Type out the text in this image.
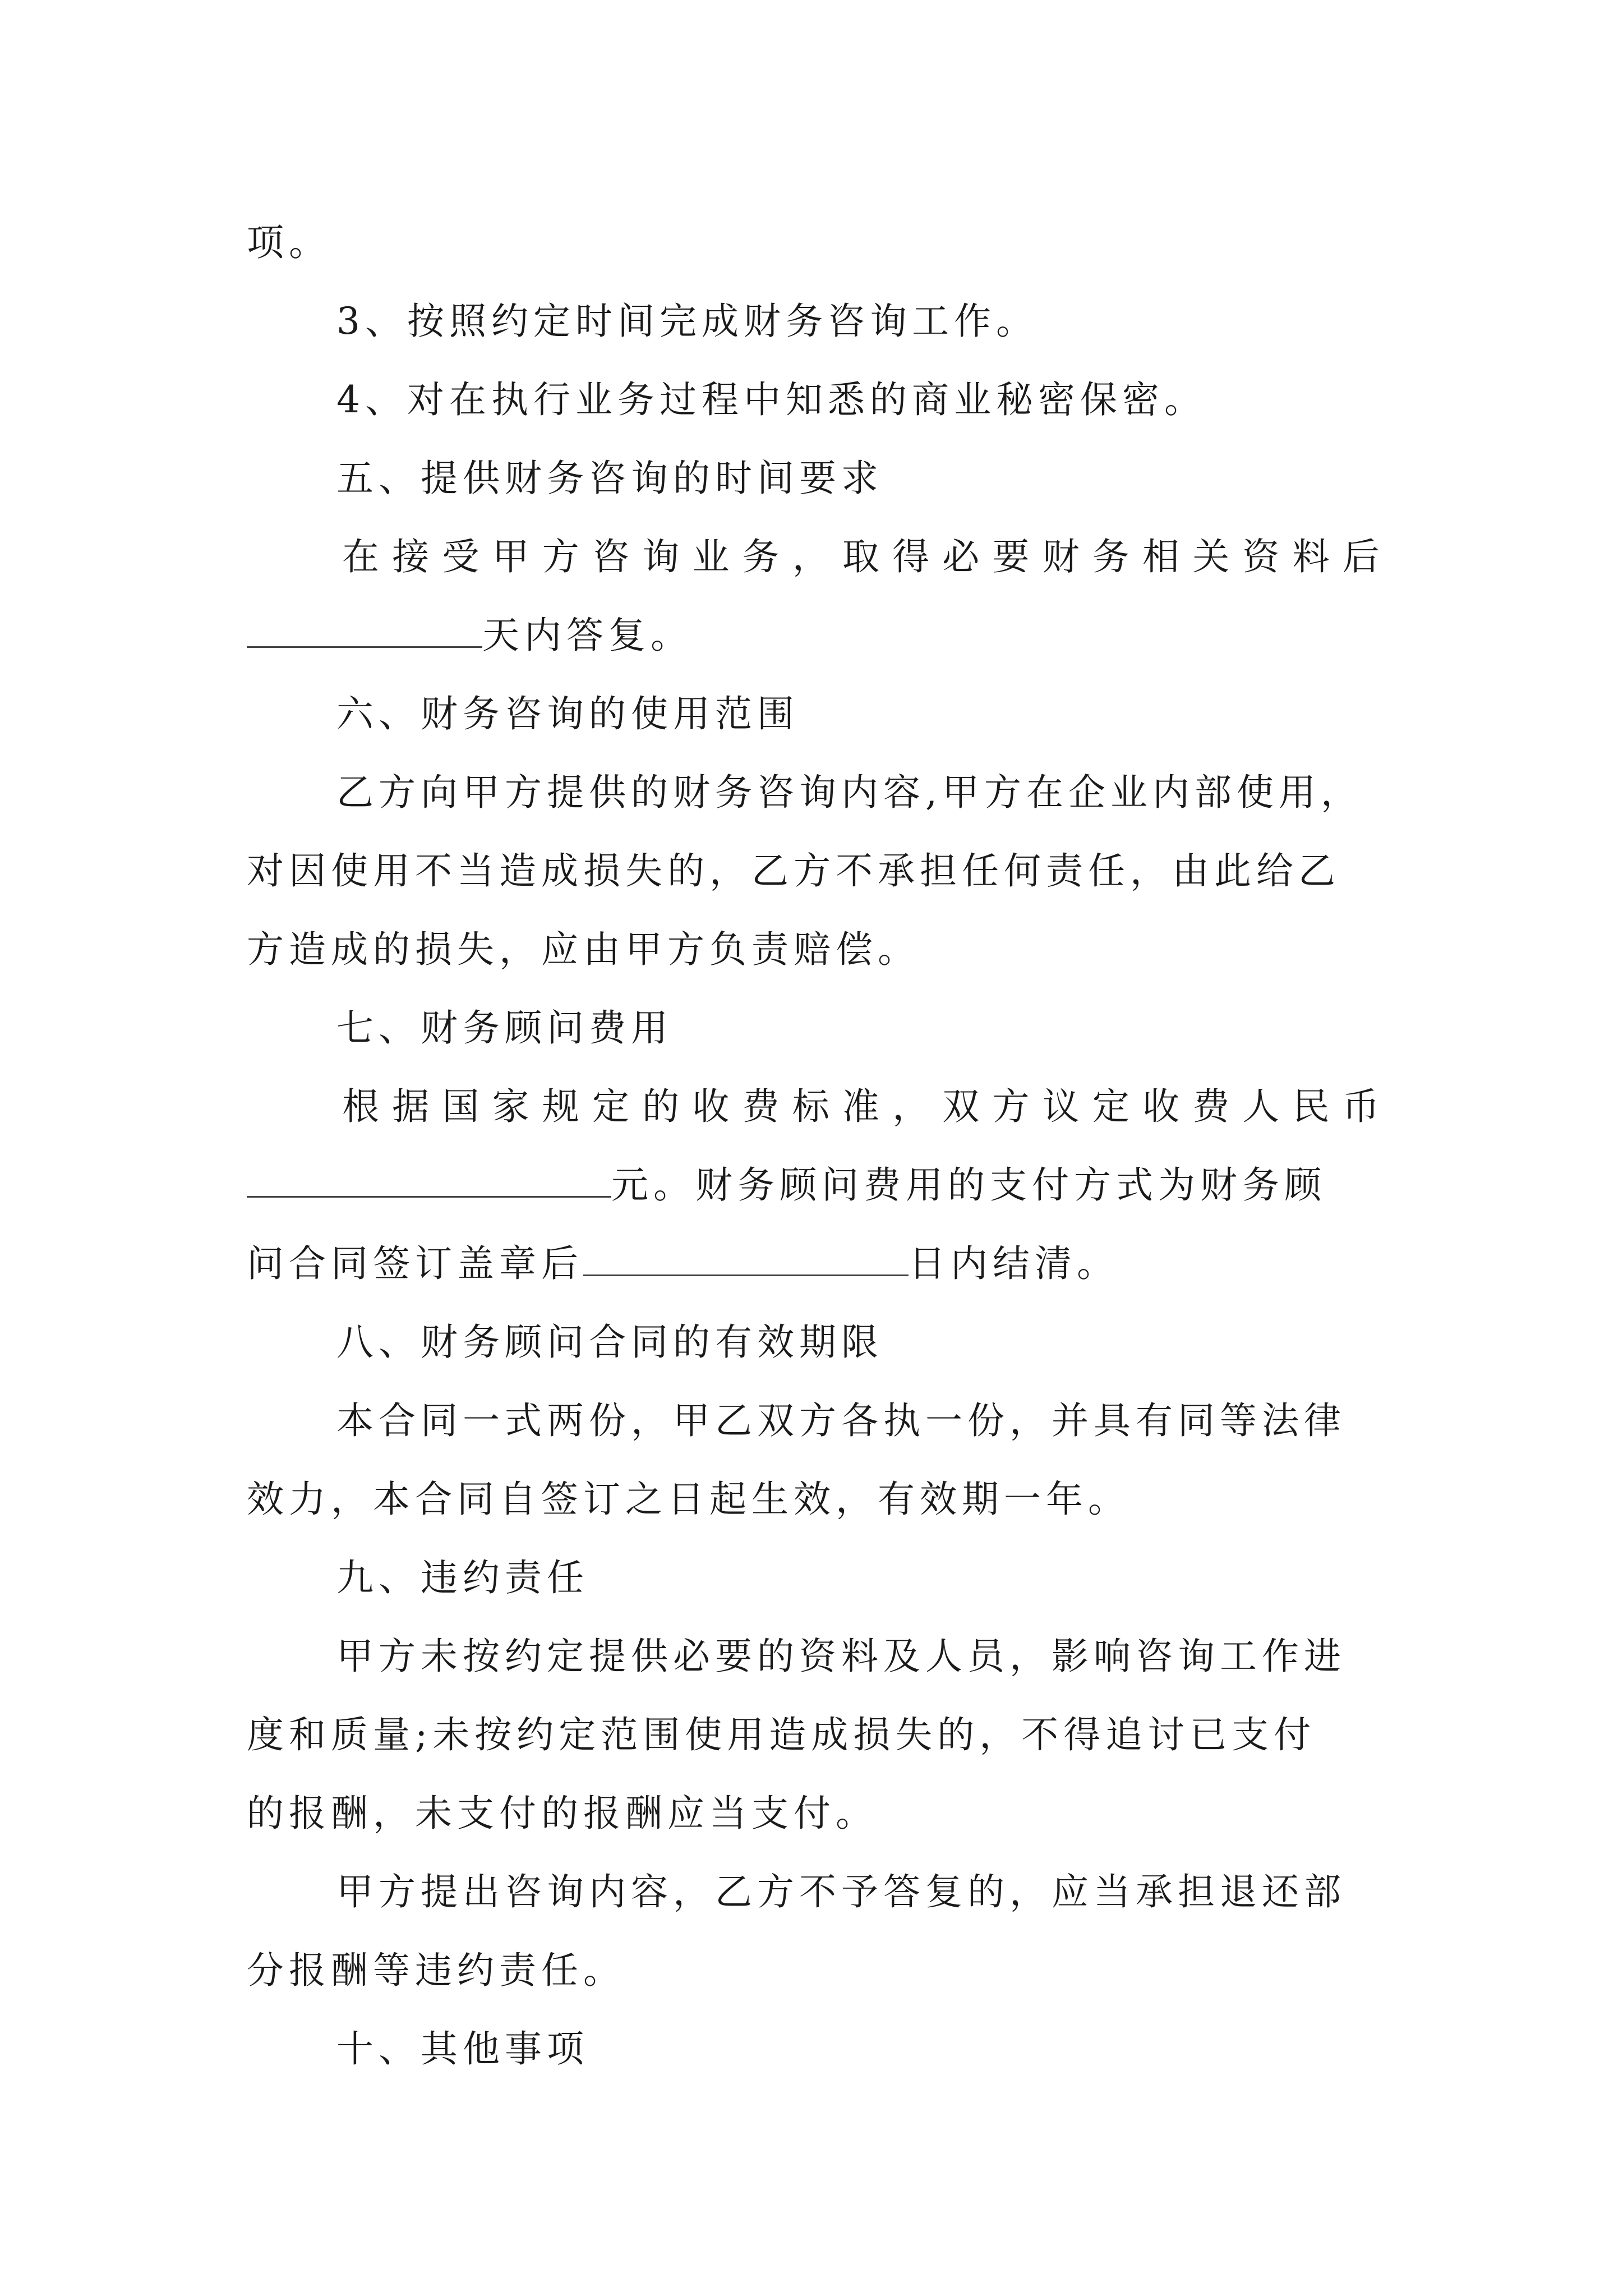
项。
3、按照约定时间完成财务咨询工作。
4、对在执行业务过程中知悉的商业秘密保密。
五、提供财务咨询的时间要求
在 接 受 甲 方 咨 询 业 务 ， 取 得 必 要 财 务 相 关 资 料 后
天内答复。
六、财务咨询的使用范围
乙方向甲方提供的财务咨询内容,甲方在企业内部使用，
对因使用不当造成损失的，乙方不承担任何责任，由此给乙
方造成的损失，应由甲方负责赔偿。
七、财务顾问费用
根 据 国 家 规 定 的 收 费 标 准 ， 双 方 议 定 收 费 人 民 币
元。财务顾问费用的支付方式为财务顾
问合同签订盖章后	日内结清。
八、财务顾问合同的有效期限
本合同一式两份，甲乙双方各执一份，并具有同等法律
效力，本合同自签订之日起生效，有效期一年。
九、违约责任
甲方未按约定提供必要的资料及人员，影响咨询工作进
度和质量;未按约定范围使用造成损失的，不得追讨已支付
的报酬，未支付的报酬应当支付。
甲方提出咨询内容，乙方不予答复的，应当承担退还部
分报酬等违约责任。
十、其他事项
